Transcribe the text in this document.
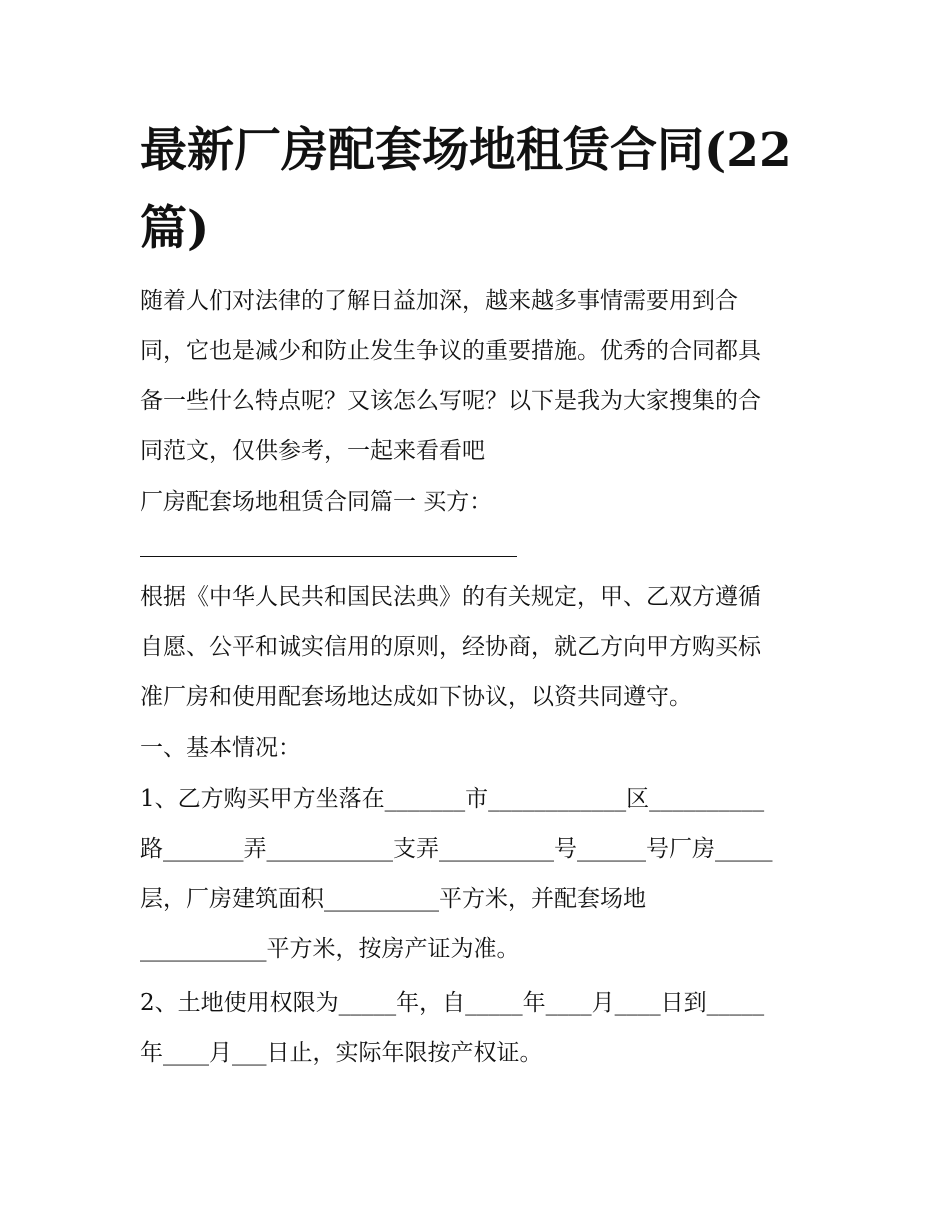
最新厂房配套场地租赁合同(22
篇)
随着人们对法律的了解日益加深，越来越多事情需要用到合
同，它也是减少和防止发生争议的重要措施。优秀的合同都具
备一些什么特点呢？又该怎么写呢？以下是我为大家搜集的合
同范文，仅供参考，一起来看看吧
厂房配套场地租赁合同篇一 买方：
根据《中华人民共和国民法典》的有关规定，甲、乙双方遵循
自愿、公平和诚实信用的原则，经协商，就乙方向甲方购买标
准厂房和使用配套场地达成如下协议，以资共同遵守。
一、基本情况：
1、乙方购买甲方坐落在_______市____________区__________
路_______弄___________支弄__________号______号厂房_____
层，厂房建筑面积__________平方米，并配套场地
___________平方米，按房产证为准。
2、土地使用权限为_____年，自_____年____月____日到_____
年____月___日止，实际年限按产权证。
